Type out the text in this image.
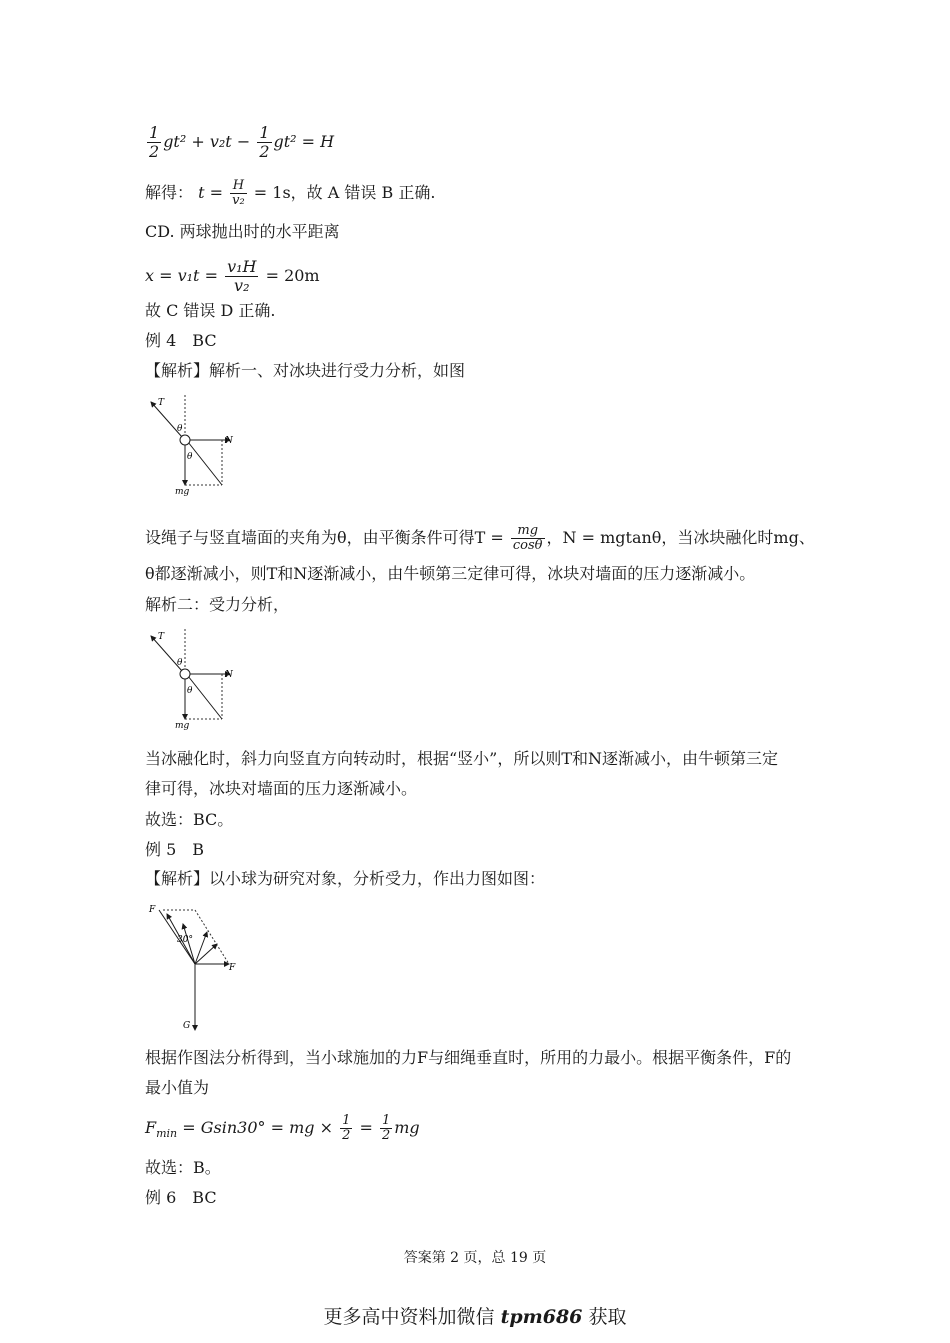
$\frac{1}{2} gt^2 + v_2t - \frac{1}{2} gt^2 = H$
解得： $t = \frac{H}{\text{v₂}} = 1s$，故 A 错误 B 正确.
CD. 两球抛出时的水平距离
$x = v_1t = \frac{\text{v₁H}}{\text{v₂}} = 20m$
故 C 错误 D 正确.
例 4　BC
【解析】解析一、对冰块进行受力分析，如图
T
θ
θ
N
mg
设绳子与竖直墙面的夹角为θ，由平衡条件可得$T = \frac{mg}{\cos\theta}$ ，N = mgtanθ，当冰块融化时mg、
θ都逐渐减小，则T和N逐渐减小，由牛顿第三定律可得，冰块对墙面的压力逐渐减小。
解析二：受力分析，
T
θ
θ
N
mg
当冰融化时，斜力向竖直方向转动时，根据“竖小”，所以则T和N逐渐减小，由牛顿第三定
律可得，冰块对墙面的压力逐渐减小。
故选：BC。
例 5　B
【解析】以小球为研究对象，分析受力，作出力图如图：
F
30°
F
G
根据作图法分析得到，当小球施加的力F与细绳垂直时，所用的力最小。根据平衡条件，F的
最小值为
$F_{min} = Gsin30^\circ$ = mg × $\frac{1}{2} = \frac{1}{2}$ mg
故选：B。
例 6　BC
答案第 2 页，总 19 页
更多高中资料加微信 tpm686 获取
